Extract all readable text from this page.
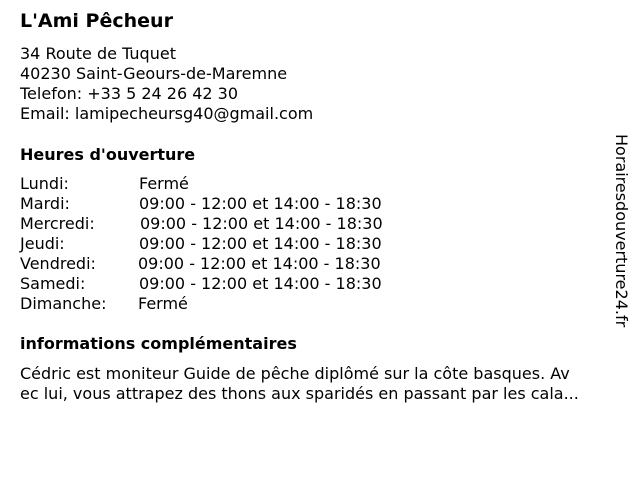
L'Ami Pêcheur
34 Route de Tuquet
40230 Saint-Geours-de-Maremne
Telefon: +33 5 24 26 42 30
Email: lamipecheursg40@gmail.com
Heures d'ouverture
Lundi:	Fermé
Mardi:	09:00 - 12:00 et 14:00 - 18:30
Mercredi:	09:00 - 12:00 et 14:00 - 18:30
Jeudi:	09:00 - 12:00 et 14:00 - 18:30
Vendredi:	09:00 - 12:00 et 14:00 - 18:30
Samedi:	09:00 - 12:00 et 14:00 - 18:30
Dimanche: Fermé
informations complémentaires
Cédric est moniteur Guide de pêche diplômé sur la côte basques. Av
ec lui, vous attrapez des thons aux sparidés en passant par les cala...
Horairesdouverture24.fr
